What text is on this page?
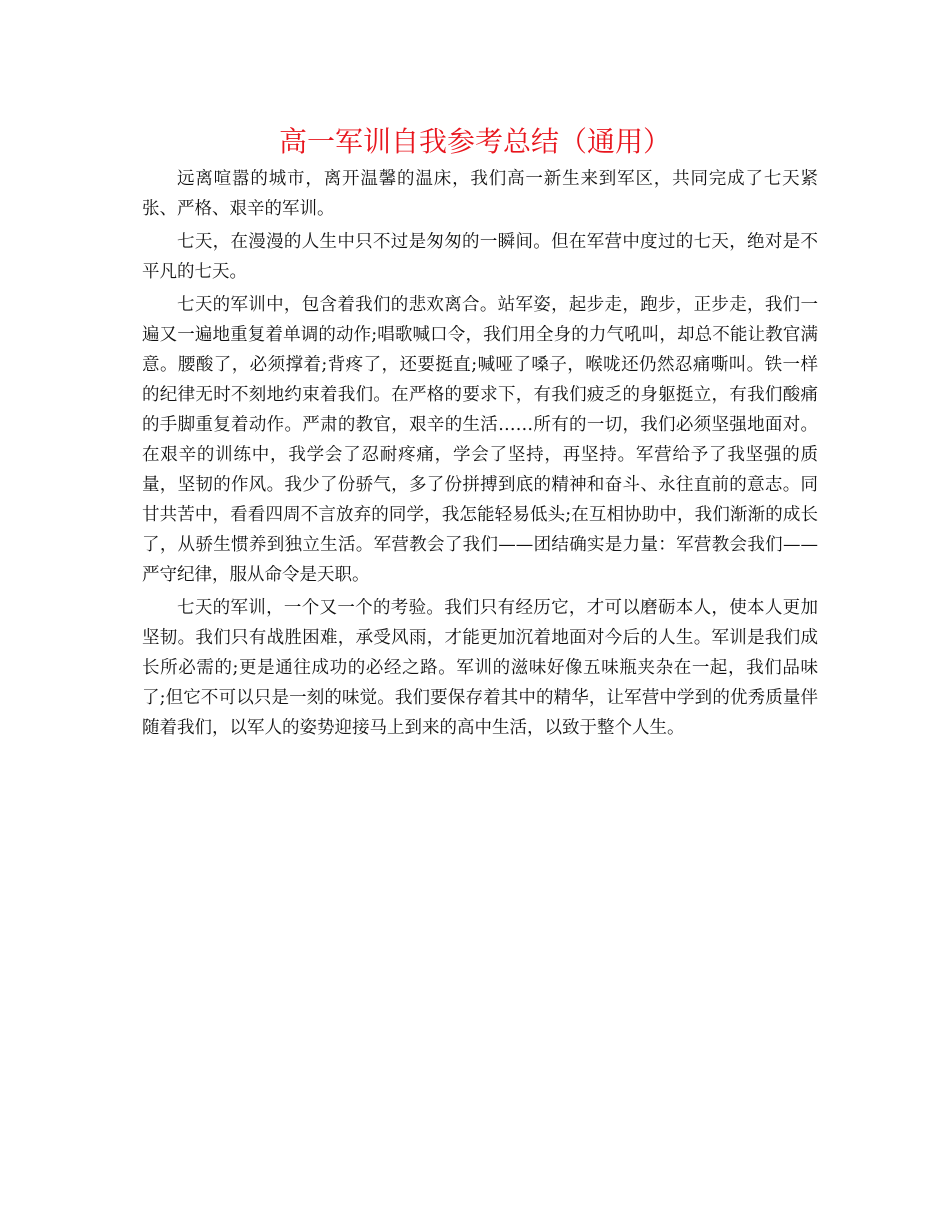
高一军训自我参考总结（通用）

远离喧嚣的城市，离开温馨的温床，我们高一新生来到军区，共同完成了七天紧张、严格、艰辛的军训。

七天，在漫漫的人生中只不过是匆匆的一瞬间。但在军营中度过的七天，绝对是不平凡的七天。

七天的军训中，包含着我们的悲欢离合。站军姿，起步走，跑步，正步走，我们一遍又一遍地重复着单调的动作;唱歌喊口令，我们用全身的力气吼叫，却总不能让教官满意。腰酸了，必须撑着;背疼了，还要挺直;喊哑了嗓子，喉咙还仍然忍痛嘶叫。铁一样的纪律无时不刻地约束着我们。在严格的要求下，有我们疲乏的身躯挺立，有我们酸痛的手脚重复着动作。严肃的教官，艰辛的生活……所有的一切，我们必须坚强地面对。在艰辛的训练中，我学会了忍耐疼痛，学会了坚持，再坚持。军营给予了我坚强的质量，坚韧的作风。我少了份骄气，多了份拼搏到底的精神和奋斗、永往直前的意志。同甘共苦中，看看四周不言放弃的同学，我怎能轻易低头;在互相协助中，我们渐渐的成长了，从骄生惯养到独立生活。军营教会了我们——团结确实是力量：军营教会我们——严守纪律，服从命令是天职。

七天的军训，一个又一个的考验。我们只有经历它，才可以磨砺本人，使本人更加坚韧。我们只有战胜困难，承受风雨，才能更加沉着地面对今后的人生。军训是我们成长所必需的;更是通往成功的必经之路。军训的滋味好像五味瓶夹杂在一起，我们品味了;但它不可以只是一刻的味觉。我们要保存着其中的精华，让军营中学到的优秀质量伴随着我们，以军人的姿势迎接马上到来的高中生活，以致于整个人生。
